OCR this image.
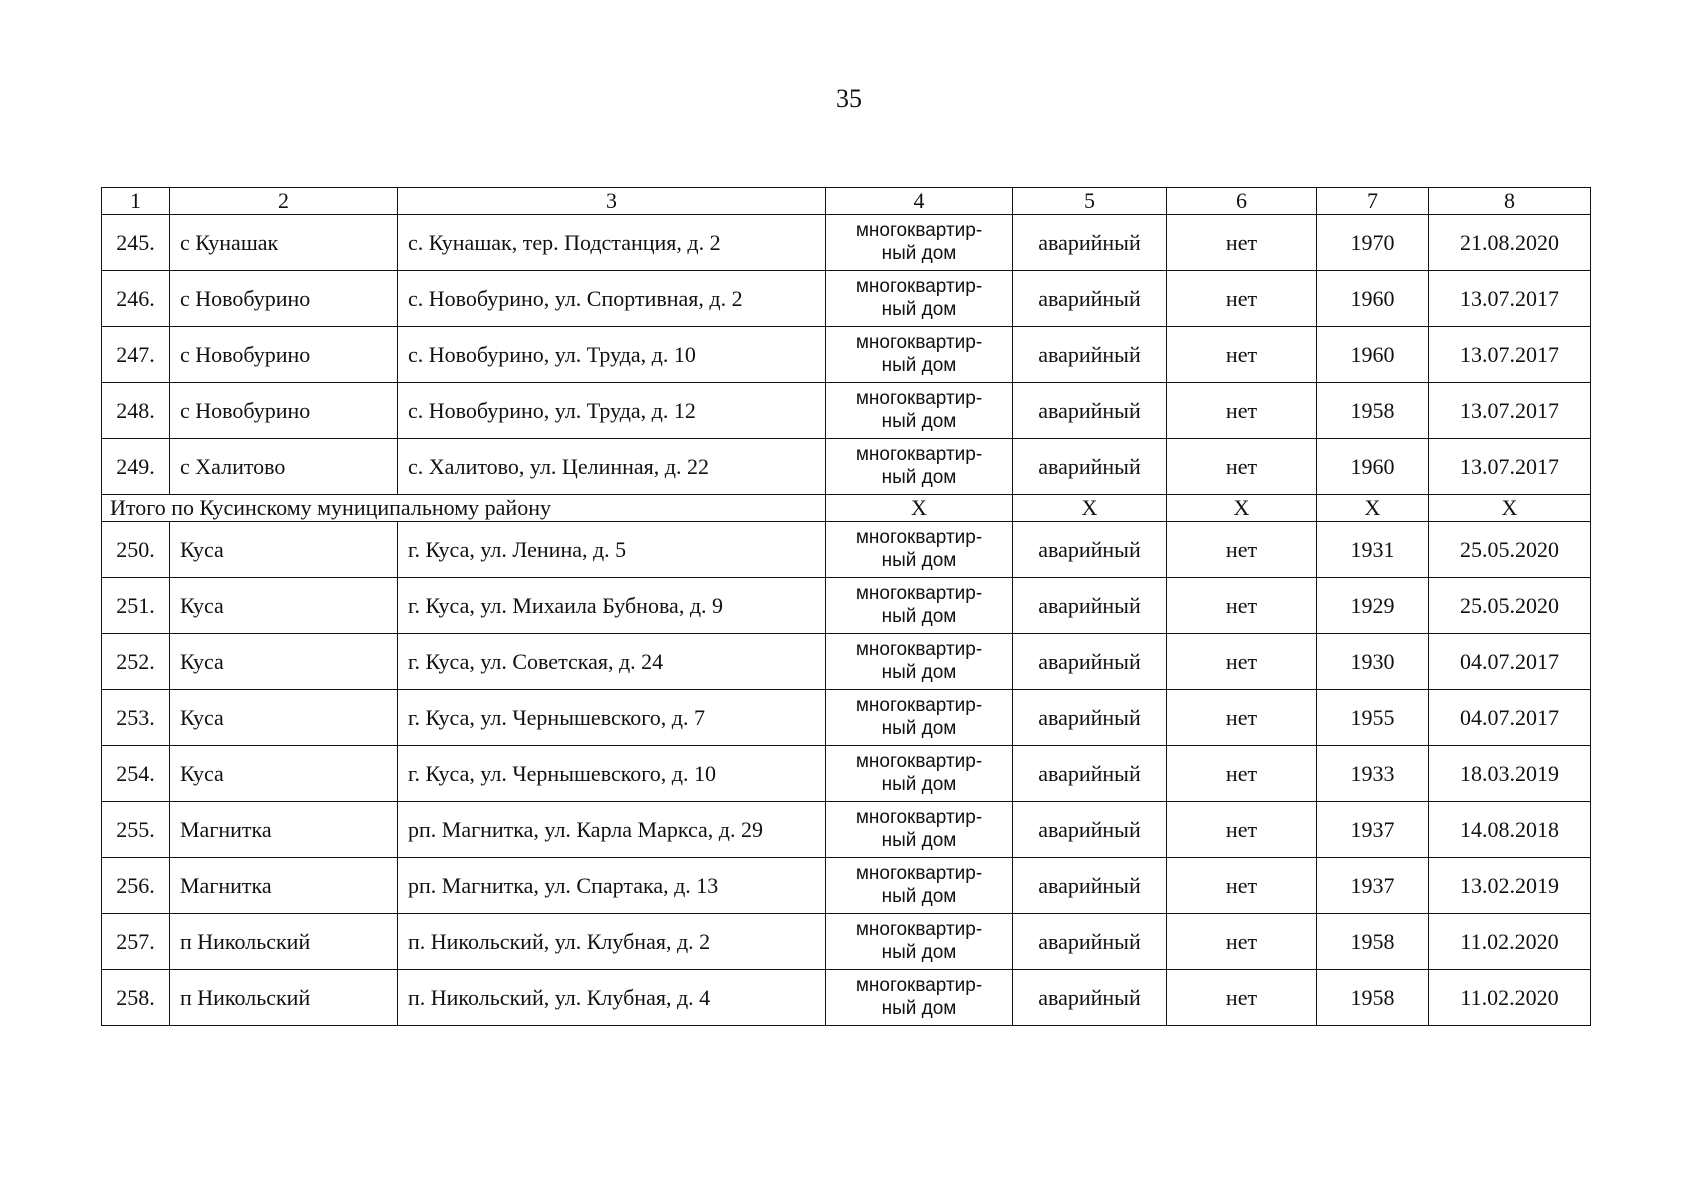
35
1	2	3	4	5	6	7	8
245.	с Кунашак	с. Кунашак, тер. Подстанция, д. 2	многоквартир-
ный дом	аварийный	нет	1970	21.08.2020
246.	с Новобурино	с. Новобурино, ул. Спортивная, д. 2	многоквартир-
ный дом	аварийный	нет	1960	13.07.2017
247.	с Новобурино	с. Новобурино, ул. Труда, д. 10	многоквартир-
ный дом	аварийный	нет	1960	13.07.2017
248.	с Новобурино	с. Новобурино, ул. Труда, д. 12	многоквартир-
ный дом	аварийный	нет	1958	13.07.2017
249.	с Халитово	с. Халитово, ул. Целинная, д. 22	многоквартир-
ный дом	аварийный	нет	1960	13.07.2017
Итого по Кусинскому муниципальному району			X	X	X	X	X
250.	Куса	г. Куса, ул. Ленина, д. 5	многоквартир-
ный дом	аварийный	нет	1931	25.05.2020
251.	Куса	г. Куса, ул. Михаила Бубнова, д. 9	многоквартир-
ный дом	аварийный	нет	1929	25.05.2020
252.	Куса	г. Куса, ул. Советская, д. 24	многоквартир-
ный дом	аварийный	нет	1930	04.07.2017
253.	Куса	г. Куса, ул. Чернышевского, д. 7	многоквартир-
ный дом	аварийный	нет	1955	04.07.2017
254.	Куса	г. Куса, ул. Чернышевского, д. 10	многоквартир-
ный дом	аварийный	нет	1933	18.03.2019
255.	Магнитка	рп. Магнитка, ул. Карла Маркса, д. 29	многоквартир-
ный дом	аварийный	нет	1937	14.08.2018
256.	Магнитка	рп. Магнитка, ул. Спартака, д. 13	многоквартир-
ный дом	аварийный	нет	1937	13.02.2019
257.	п Никольский	п. Никольский, ул. Клубная, д. 2	многоквартир-
ный дом	аварийный	нет	1958	11.02.2020
258.	п Никольский	п. Никольский, ул. Клубная, д. 4	многоквартир-
ный дом	аварийный	нет	1958	11.02.2020
